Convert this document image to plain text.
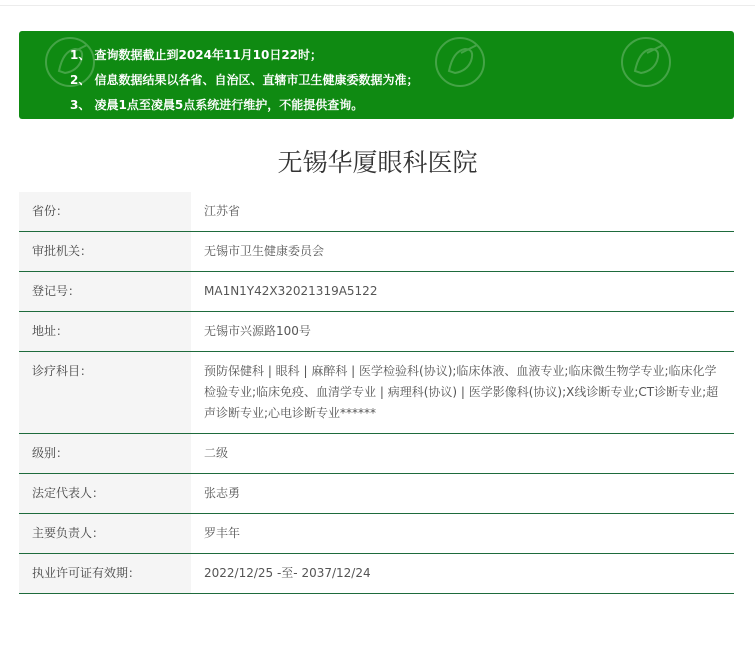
1、 查询数据截止到2024年11月10日22时；
2、 信息数据结果以各省、自治区、直辖市卫生健康委数据为准；
3、 凌晨1点至凌晨5点系统进行维护，不能提供查询。
无锡华厦眼科医院
省份：	江苏省

审批机关：	无锡市卫生健康委员会

登记号：	MA1N1Y42X32021319A5122

地址：	无锡市兴源路100号

诊疗科目：	预防保健科 | 眼科 | 麻醉科 | 医学检验科(协议);临床体液、血液专业;临床微生物学专业;临床化学检验专业;临床免疫、血清学专业 | 病理科(协议) | 医学影像科(协议);X线诊断专业;CT诊断专业;超声诊断专业;心电诊断专业******

级别：	二级

法定代表人：	张志勇

主要负责人：	罗丰年

执业许可证有效期：	2022/12/25 -至- 2037/12/24
